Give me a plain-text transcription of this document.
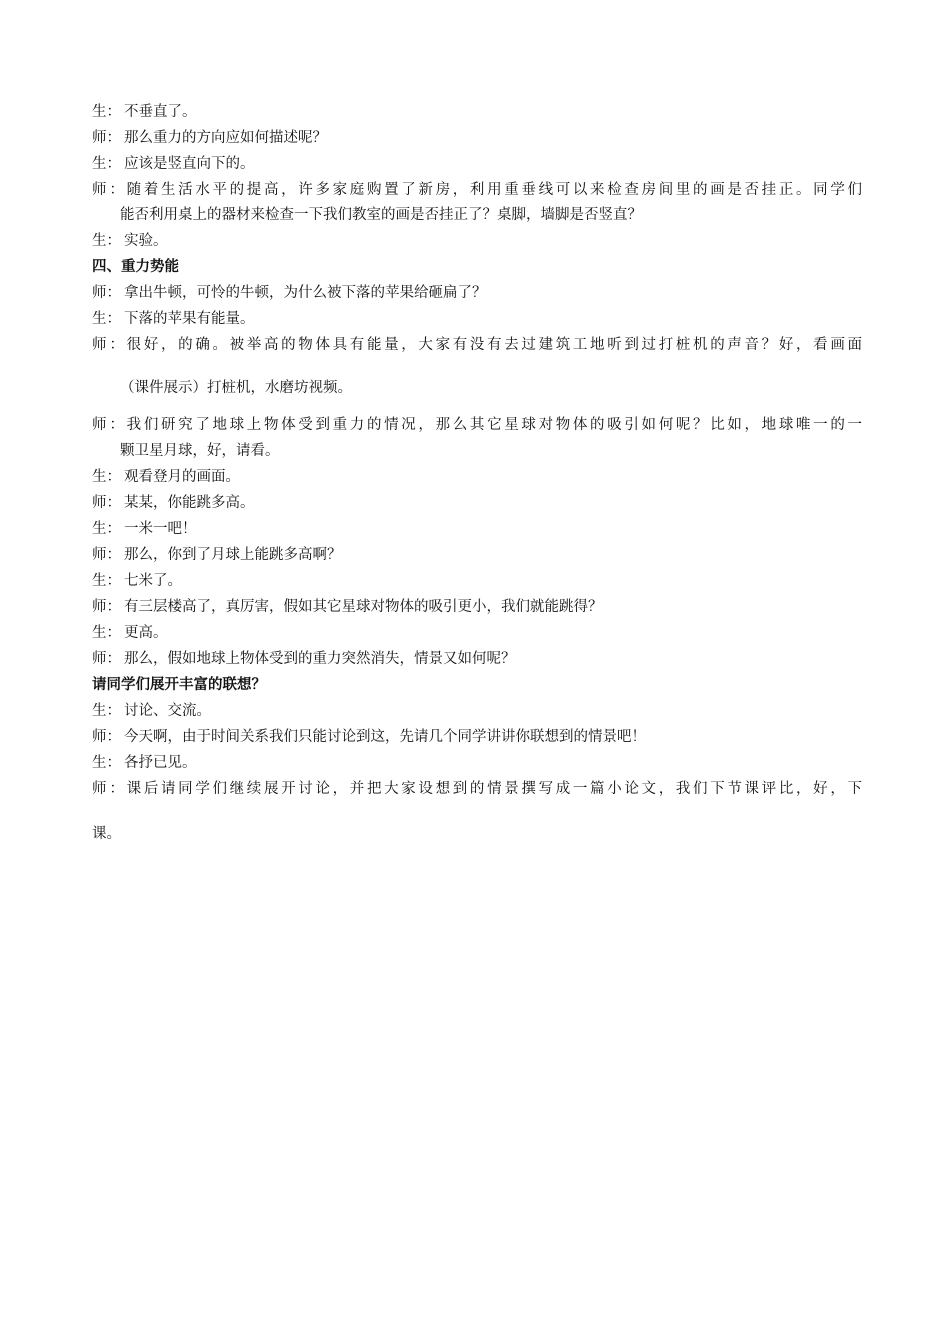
生： 不垂直了。
师： 那么重力的方向应如何描述呢？
生： 应该是竖直向下的。
师：随着生活水平的提高，许多家庭购置了新房，利用重垂线可以来检查房间里的画是否挂正。同学们
能否利用桌上的器材来检查一下我们教室的画是否挂正了？桌脚，墙脚是否竖直？
生： 实验。
四、重力势能
师： 拿出牛顿，可怜的牛顿，为什么被下落的苹果给砸扁了？
生： 下落的苹果有能量。
师：很好，的确。被举高的物体具有能量，大家有没有去过建筑工地听到过打桩机的声音？好，看画面
（课件展示）打桩机，水磨坊视频。
师：我们研究了地球上物体受到重力的情况，那么其它星球对物体的吸引如何呢？比如，地球唯一的一
颗卫星月球，好，请看。
生： 观看登月的画面。
师： 某某，你能跳多高。
生： 一米一吧！
师： 那么，你到了月球上能跳多高啊？
生： 七米了。
师： 有三层楼高了，真厉害，假如其它星球对物体的吸引更小，我们就能跳得？
生： 更高。
师： 那么，假如地球上物体受到的重力突然消失，情景又如何呢？
请同学们展开丰富的联想？
生： 讨论、交流。
师： 今天啊，由于时间关系我们只能讨论到这，先请几个同学讲讲你联想到的情景吧！
生： 各抒已见。
师：课后请同学们继续展开讨论，并把大家设想到的情景撰写成一篇小论文，我们下节课评比，好，下
课。
